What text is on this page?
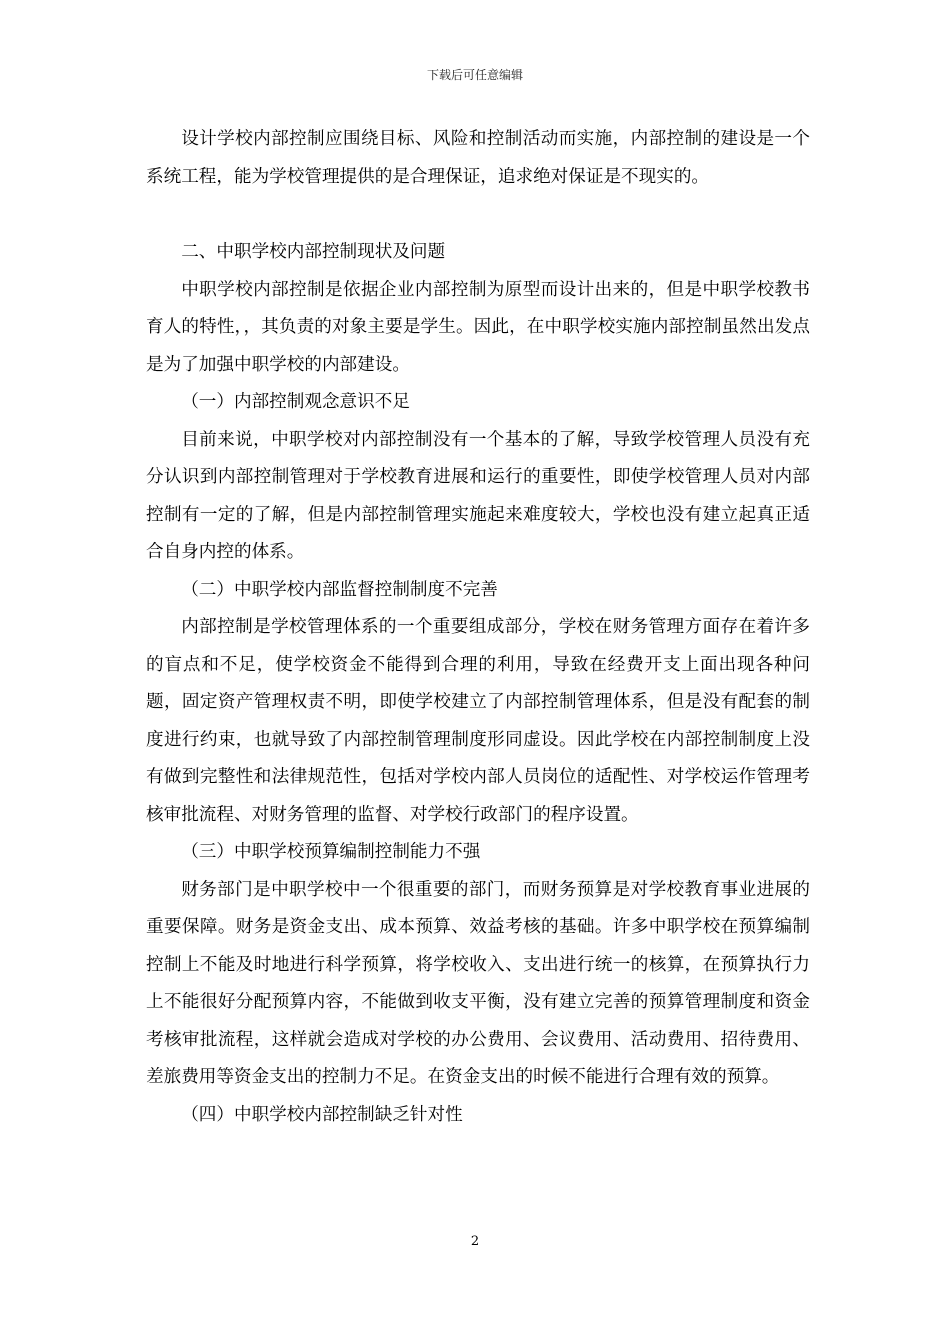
下载后可任意编辑

设计学校内部控制应围绕目标、风险和控制活动而实施，内部控制的建设是一个系统工程，能为学校管理提供的是合理保证，追求绝对保证是不现实的。

二、中职学校内部控制现状及问题

中职学校内部控制是依据企业内部控制为原型而设计出来的，但是中职学校教书育人的特性，，其负责的对象主要是学生。因此，在中职学校实施内部控制虽然出发点是为了加强中职学校的内部建设。

（一）内部控制观念意识不足

目前来说，中职学校对内部控制没有一个基本的了解，导致学校管理人员没有充分认识到内部控制管理对于学校教育进展和运行的重要性，即使学校管理人员对内部控制有一定的了解，但是内部控制管理实施起来难度较大，学校也没有建立起真正适合自身内控的体系。

（二）中职学校内部监督控制制度不完善

内部控制是学校管理体系的一个重要组成部分，学校在财务管理方面存在着许多的盲点和不足，使学校资金不能得到合理的利用，导致在经费开支上面出现各种问题，固定资产管理权责不明，即使学校建立了内部控制管理体系，但是没有配套的制度进行约束，也就导致了内部控制管理制度形同虚设。因此学校在内部控制制度上没有做到完整性和法律规范性，包括对学校内部人员岗位的适配性、对学校运作管理考核审批流程、对财务管理的监督、对学校行政部门的程序设置。

（三）中职学校预算编制控制能力不强

财务部门是中职学校中一个很重要的部门，而财务预算是对学校教育事业进展的重要保障。财务是资金支出、成本预算、效益考核的基础。许多中职学校在预算编制控制上不能及时地进行科学预算，将学校收入、支出进行统一的核算，在预算执行力上不能很好分配预算内容，不能做到收支平衡，没有建立完善的预算管理制度和资金考核审批流程，这样就会造成对学校的办公费用、会议费用、活动费用、招待费用、差旅费用等资金支出的控制力不足。在资金支出的时候不能进行合理有效的预算。

（四）中职学校内部控制缺乏针对性

2
